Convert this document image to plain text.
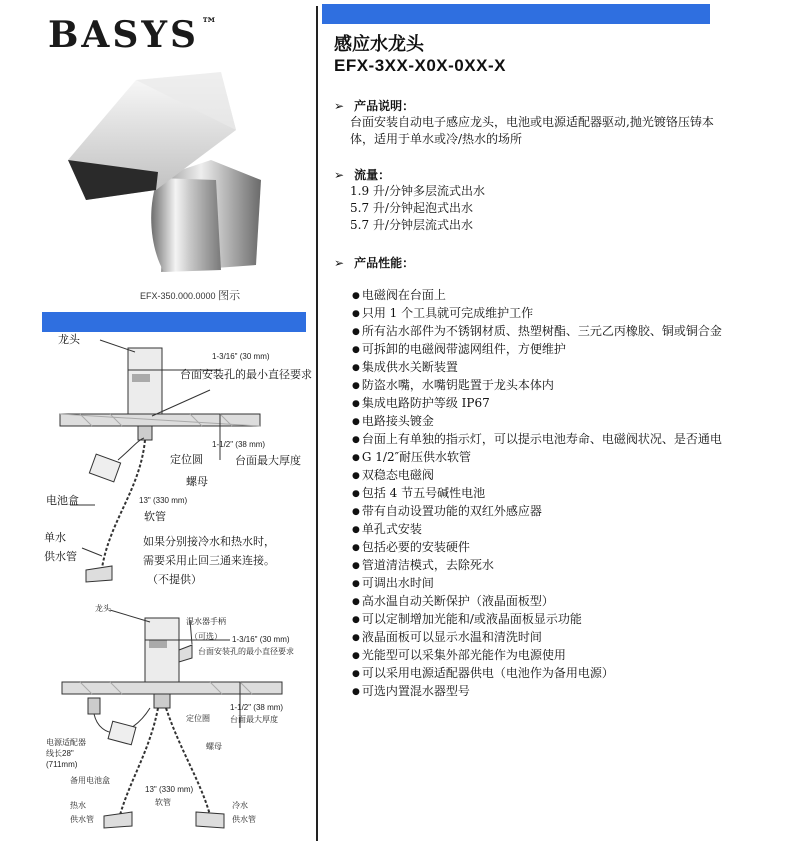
BASYS ™
EFX-350.000.0000 图示
感应水龙头
EFX-3XX-X0X-0XX-X
➢ 产品说明：
台面安装自动电子感应龙头，电池或电源适配器驱动,抛光镀铬压铸本
体，适用于单水或冷/热水的场所
➢ 流量：
1.9 升/分钟多层流式出水
5.7 升/分钟起泡式出水
5.7 升/分钟层流式出水
➢ 产品性能：
● 电磁阀在台面上
● 只用 1 个工具就可完成维护工作
● 所有沾水部件为不锈钢材质、热塑树酯、三元乙丙橡胶、铜或铜合金
● 可拆卸的电磁阀带滤网组件，方便维护
● 集成供水关断装置
● 防盗水嘴，水嘴钥匙置于龙头本体内
● 集成电路防护等级 IP67
● 电路接头镀金
● 台面上有单独的指示灯，可以提示电池寿命、电磁阀状况、是否通电
● G 1/2″耐压供水软管
● 双稳态电磁阀
● 包括 4 节五号碱性电池
● 带有自动设置功能的双红外感应器
● 单孔式安装
● 包括必要的安装硬件
● 管道清洁模式，去除死水
● 可调出水时间
● 高水温自动关断保护（液晶面板型）
● 可以定制增加光能和/或液晶面板显示功能
● 液晶面板可以显示水温和清洗时间
● 光能型可以采集外部光能作为电源使用
● 可以采用电源适配器供电（电池作为备用电源）
● 可选内置混水器型号
龙头
1-3/16" (30 mm)
台面安装孔的最小直径要求
1-1/2" (38 mm)
定位圆	台面最大厚度
螺母
电池盒	13" (330 mm)
软管
单水
供水管
如果分别接冷水和热水时，
需要采用止回三通来连接。
（不提供）
龙头
混水器手柄
（可选） 1-3/16" (30 mm)
台面安装孔的最小直径要求
1-1/2" (38 mm)
定位圈	台面最大厚度
螺母
电源适配器
线长28"
(711mm)
备用电池盒
13" (330 mm)
软管
热水
供水管
冷水
供水管
